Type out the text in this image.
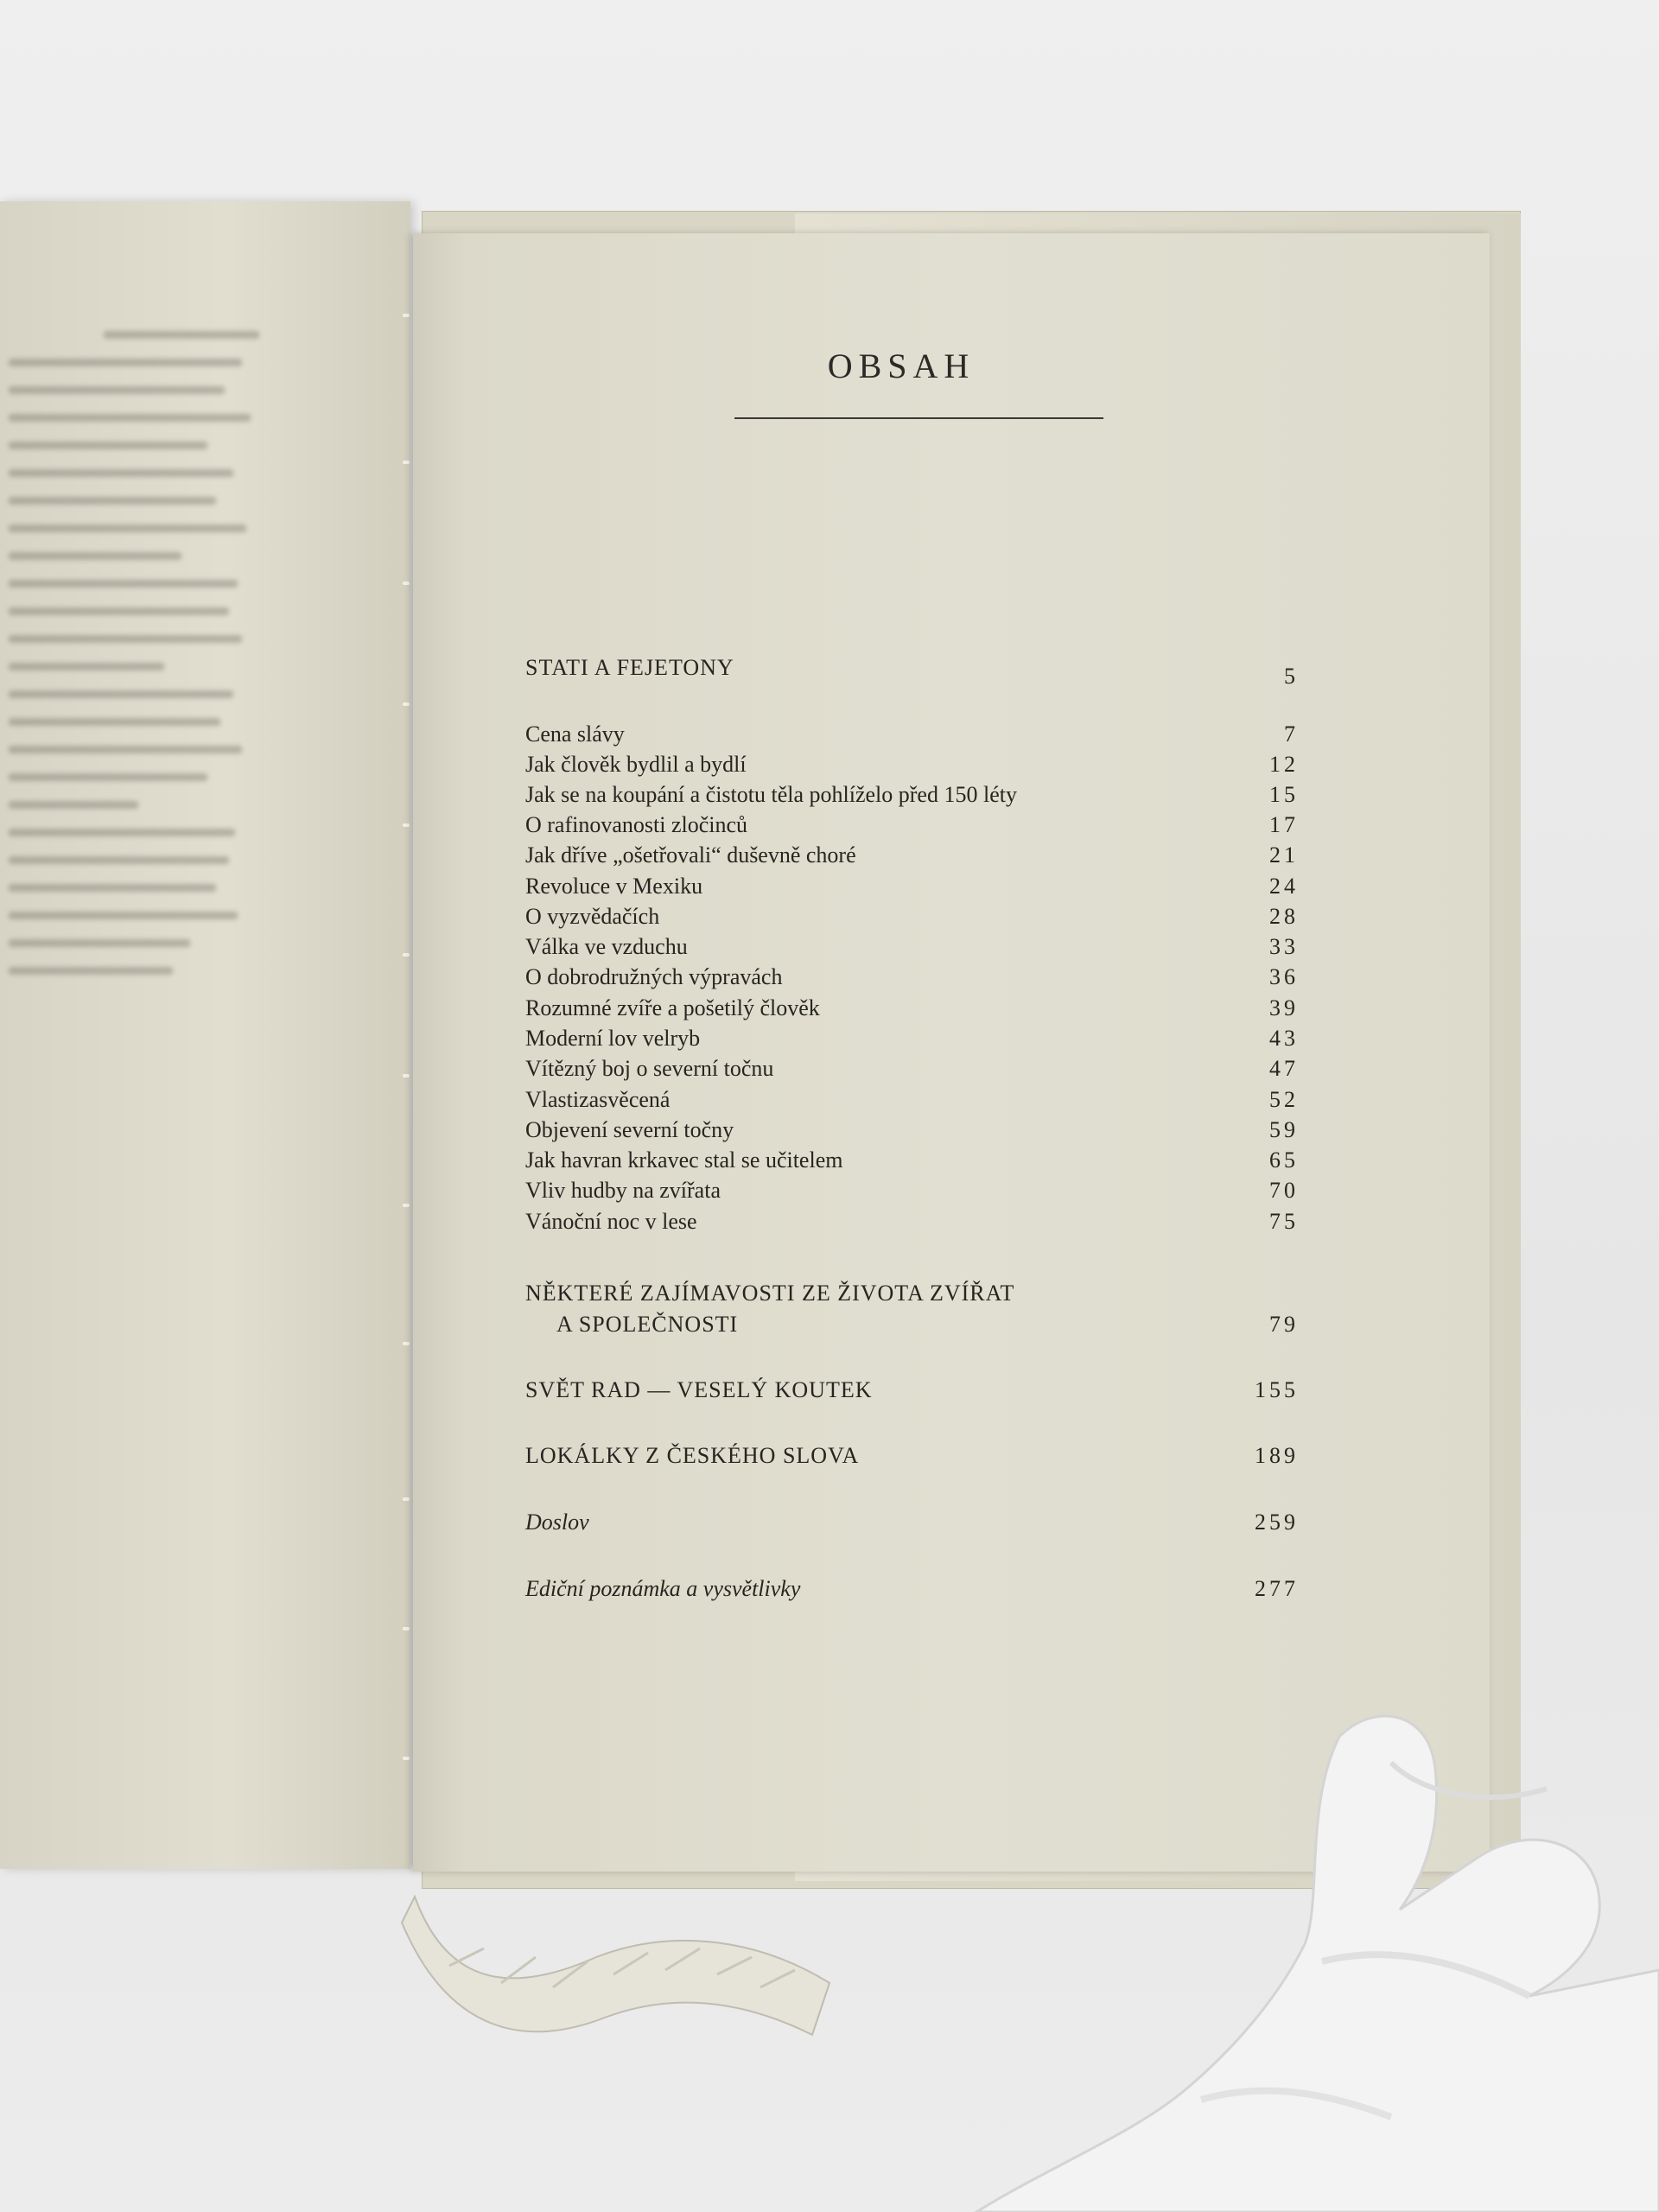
OBSAH
STATI A FEJETONY	5
Cena slávy	7
Jak člověk bydlil a bydlí	12
Jak se na koupání a čistotu těla pohlíželo před 150 léty	15
O rafinovanosti zločinců	17
Jak dříve „ošetřovali“ duševně choré	21
Revoluce v Mexiku	24
O vyzvědačích	28
Válka ve vzduchu	33
O dobrodružných výpravách	36
Rozumné zvíře a pošetilý člověk	39
Moderní lov velryb	43
Vítězný boj o severní točnu	47
Vlastizasvěcená	52
Objevení severní točny	59
Jak havran krkavec stal se učitelem	65
Vliv hudby na zvířata	70
Vánoční noc v lese	75
NĚKTERÉ ZAJÍMAVOSTI ZE ŽIVOTA ZVÍŘAT
A SPOLEČNOSTI	79
SVĚT RAD — VESELÝ KOUTEK	155
LOKÁLKY Z ČESKÉHO SLOVA	189
Doslov	259
Ediční poznámka a vysvětlivky	277
